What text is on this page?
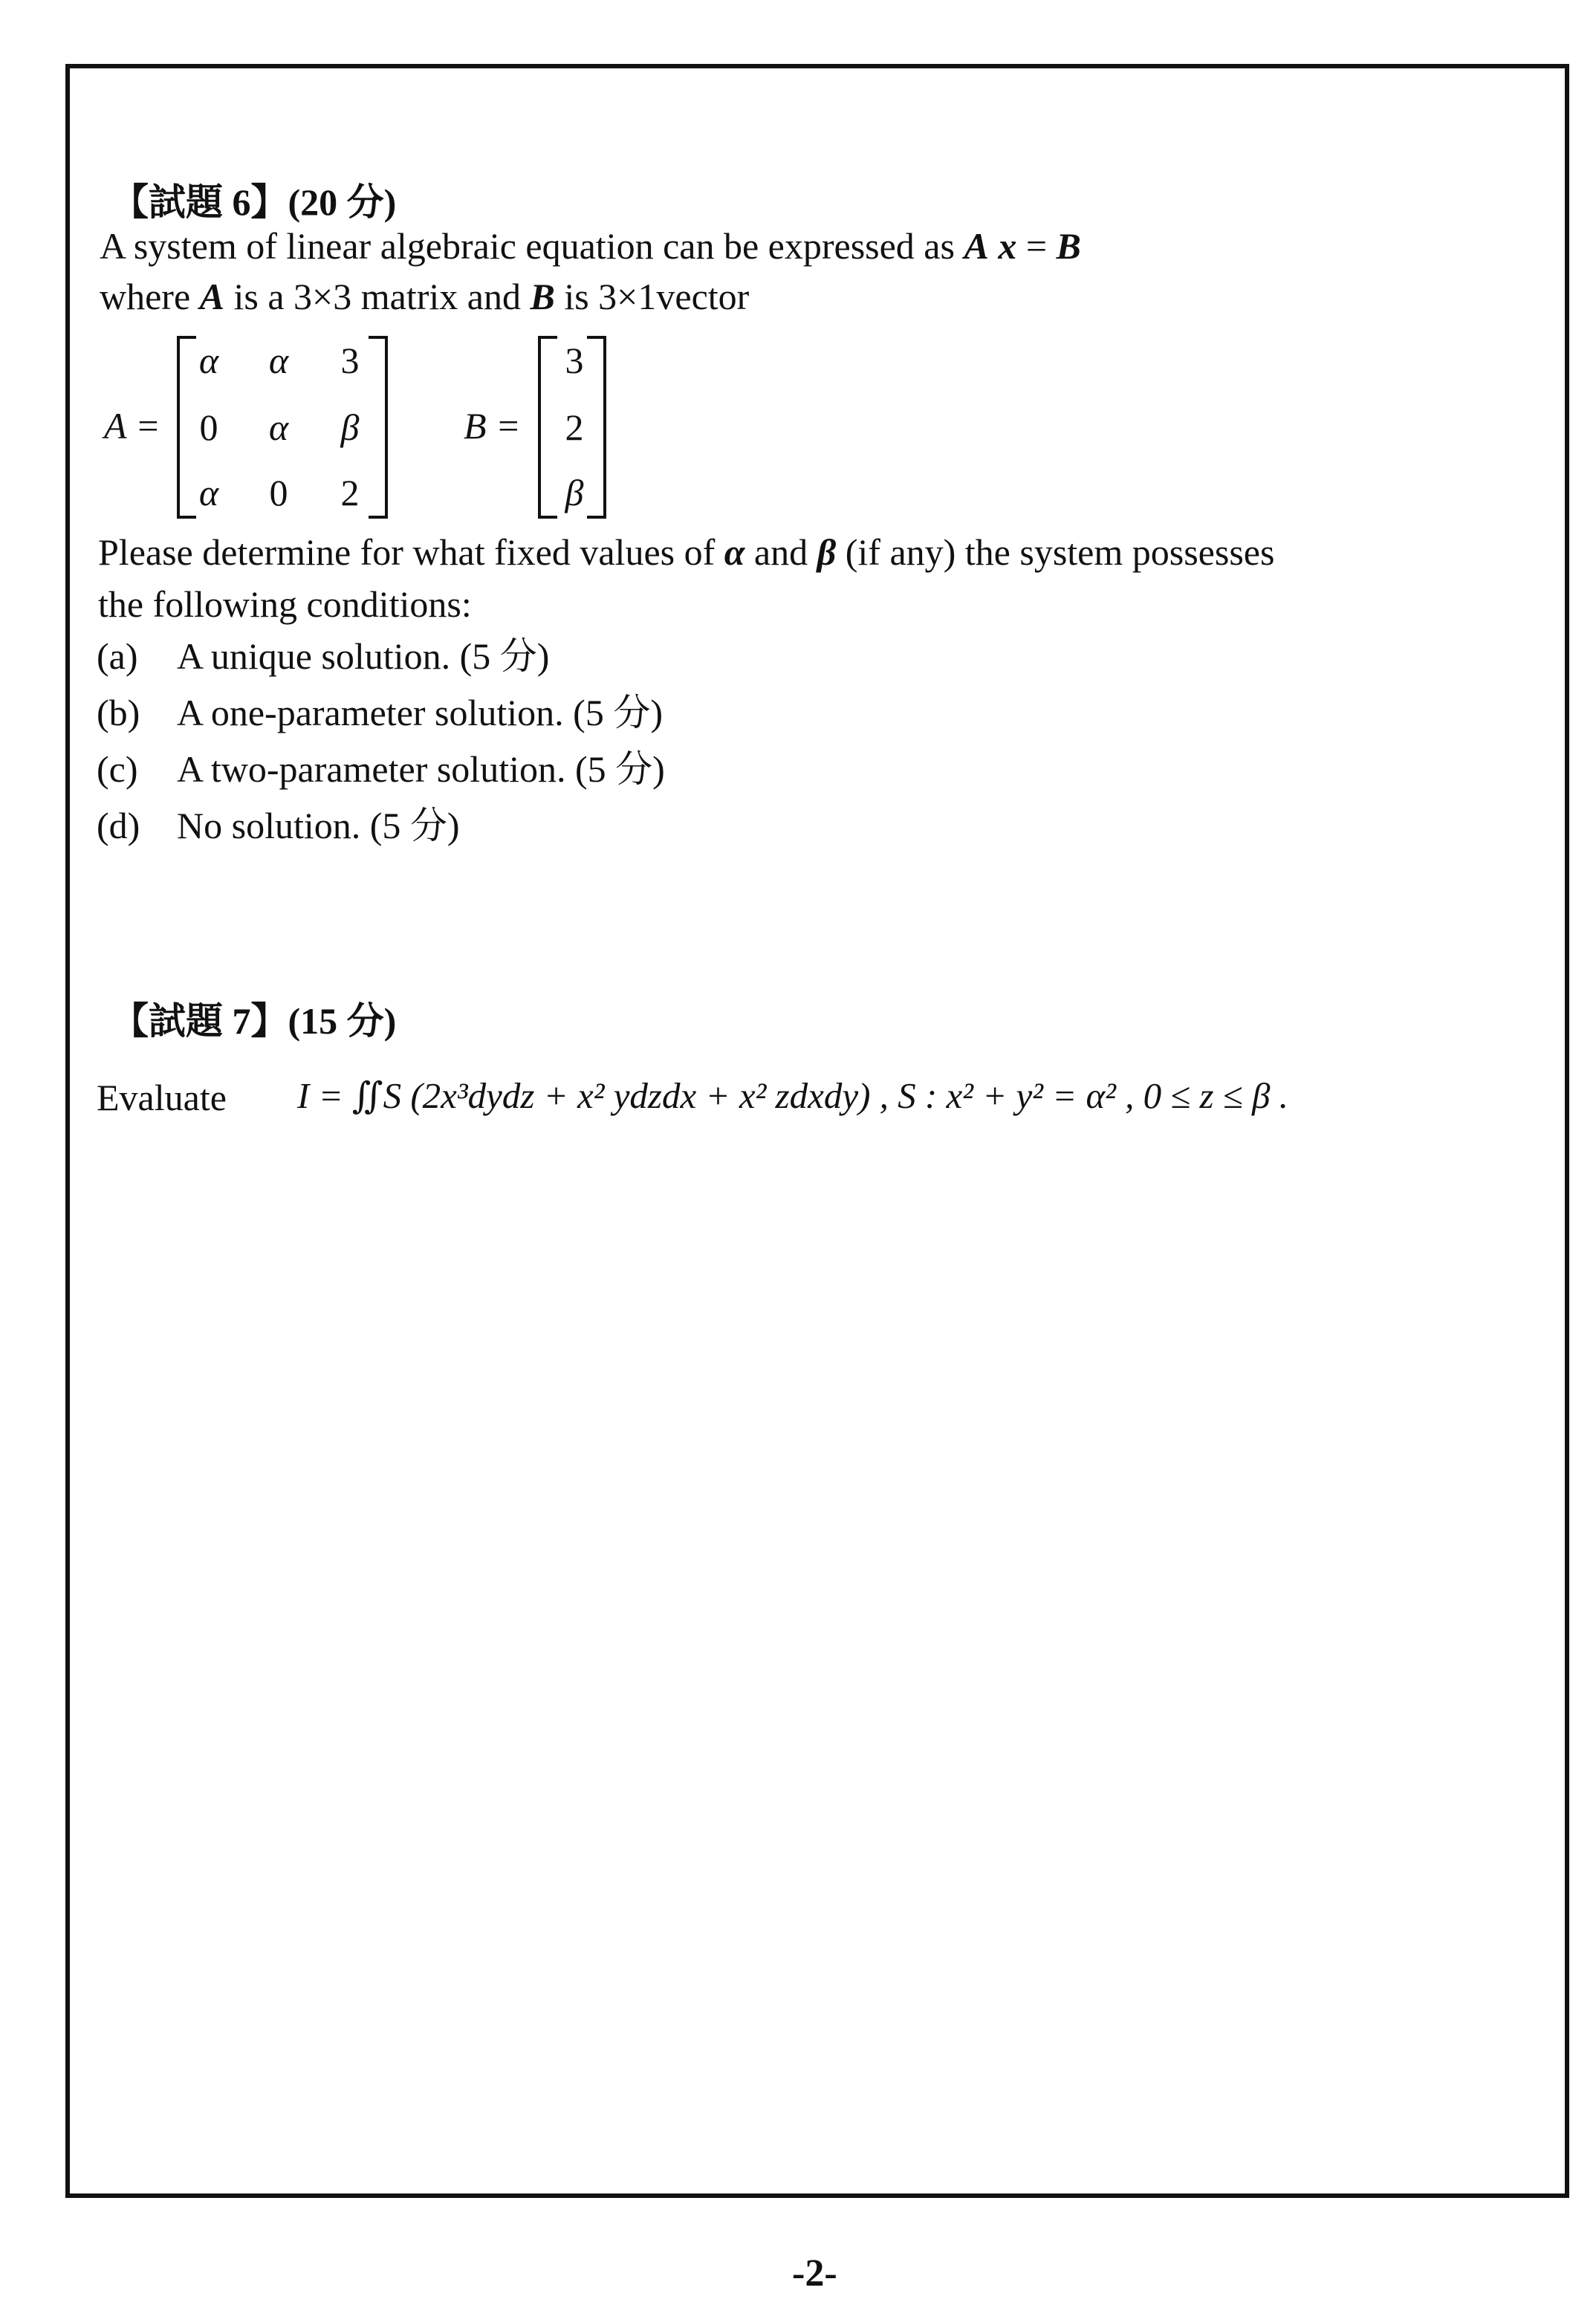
【試題 6】(20 分)
A system of linear algebraic equation can be expressed as A x = B
where A is a 3×3 matrix and B is 3×1vector
A =
α	α	3
0	α	β
α	0	2
B =
3
2
β
Please determine for what fixed values of α and β (if any) the system possesses
the following conditions:
(a) A unique solution. (5 分)
(b) A one-parameter solution. (5 分)
(c) A two-parameter solution. (5 分)
(d) No solution. (5 分)
【試題 7】(15 分)
Evaluate I = ∬S (2x³dydz + x² ydzdx + x² zdxdy) , S : x² + y² = α² , 0 ≤ z ≤ β .
-2-
